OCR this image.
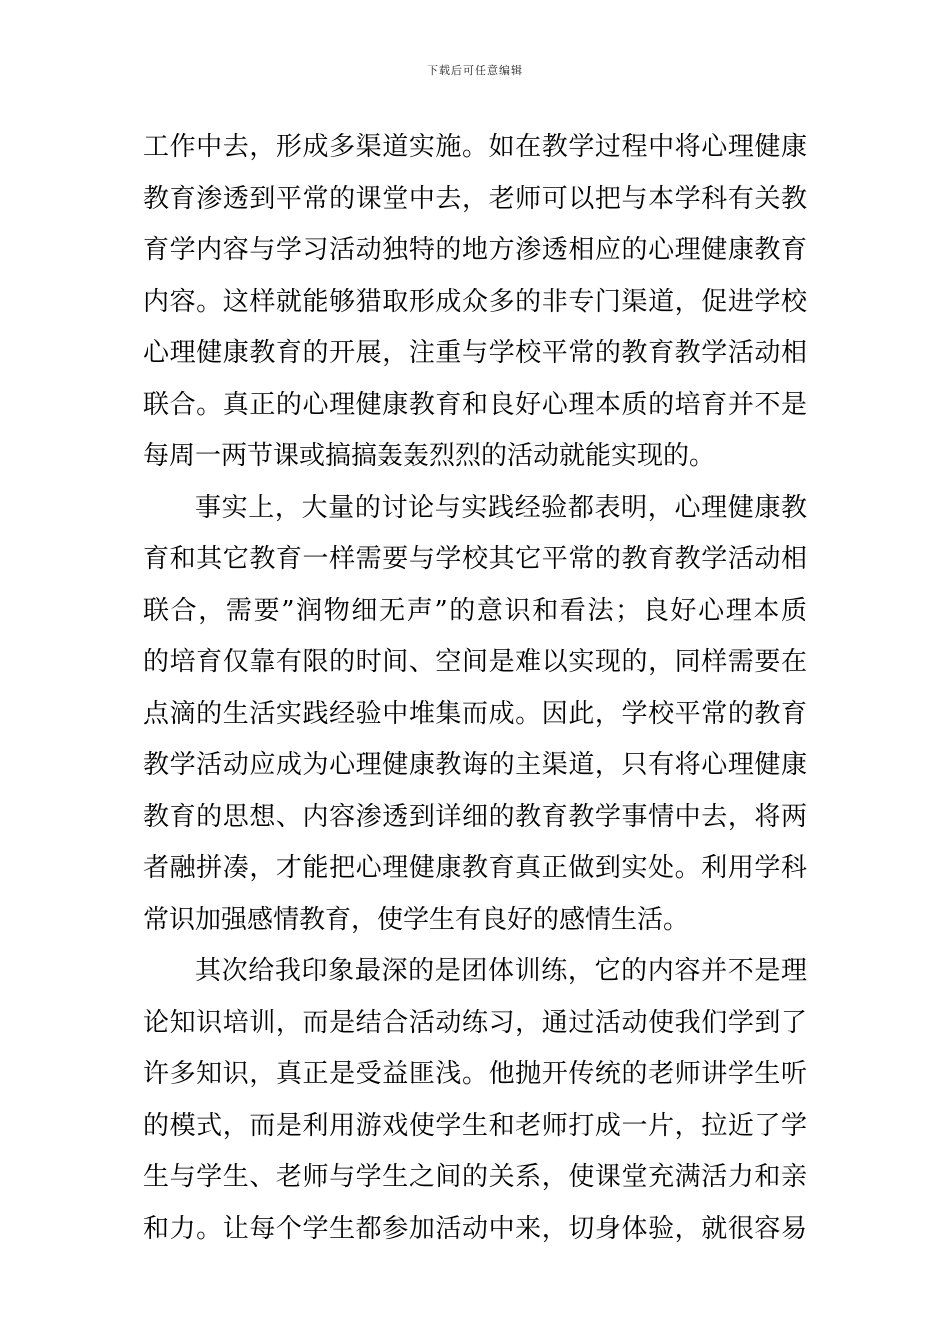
下载后可任意编辑
工作中去，形成多渠道实施。如在教学过程中将心理健康
教育渗透到平常的课堂中去，老师可以把与本学科有关教
育学内容与学习活动独特的地方渗透相应的心理健康教育
内容。这样就能够猎取形成众多的非专门渠道，促进学校
心理健康教育的开展，注重与学校平常的教育教学活动相
联合。真正的心理健康教育和良好心理本质的培育并不是
每周一两节课或搞搞轰轰烈烈的活动就能实现的。
事实上，大量的讨论与实践经验都表明，心理健康教
育和其它教育一样需要与学校其它平常的教育教学活动相
联合，需要”润物细无声”的意识和看法；良好心理本质
的培育仅靠有限的时间、空间是难以实现的，同样需要在
点滴的生活实践经验中堆集而成。因此，学校平常的教育
教学活动应成为心理健康教诲的主渠道，只有将心理健康
教育的思想、内容渗透到详细的教育教学事情中去，将两
者融拼凑，才能把心理健康教育真正做到实处。利用学科
常识加强感情教育，使学生有良好的感情生活。
其次给我印象最深的是团体训练，它的内容并不是理
论知识培训，而是结合活动练习，通过活动使我们学到了
许多知识，真正是受益匪浅。他抛开传统的老师讲学生听
的模式，而是利用游戏使学生和老师打成一片，拉近了学
生与学生、老师与学生之间的关系，使课堂充满活力和亲
和力。让每个学生都参加活动中来，切身体验，就很容易
